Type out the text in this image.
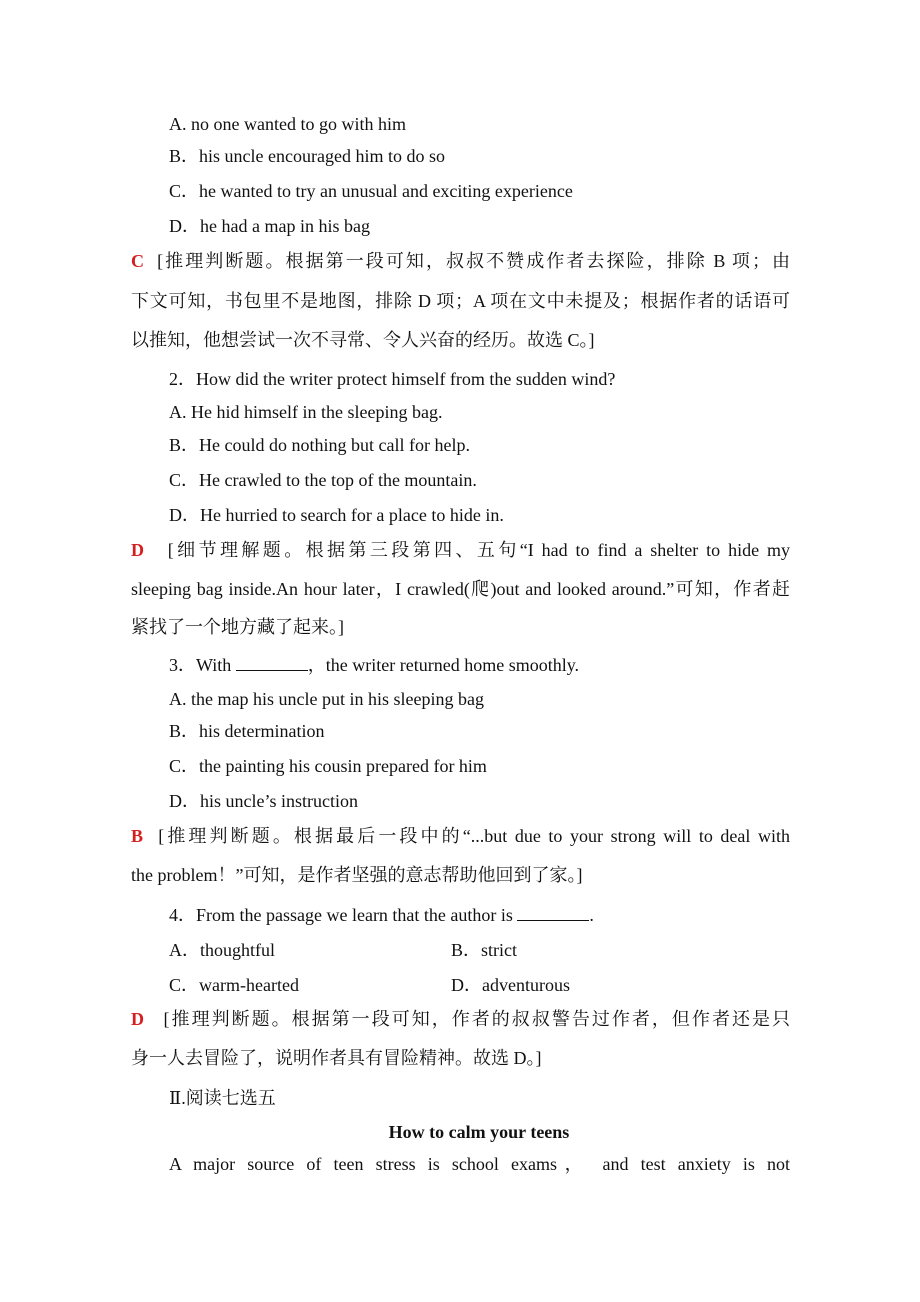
A. no one wanted to go with him
B．his uncle encouraged him to do so
C．he wanted to try an unusual and exciting experience
D．he had a map in his bag
C [推理判断题。根据第一段可知，叔叔不赞成作者去探险，排除 B 项；由
下文可知，书包里不是地图，排除 D 项；A 项在文中未提及；根据作者的话语可
以推知，他想尝试一次不寻常、令人兴奋的经历。故选 C。]
2．How did the writer protect himself from the sudden wind?
A. He hid himself in the sleeping bag.
B．He could do nothing but call for help.
C．He crawled to the top of the mountain.
D．He hurried to search for a place to hide in.
D [细节理解题。根据第三段第四、五句“I had to find a shelter to hide my
sleeping bag inside.An hour later，I crawled(爬)out and looked around.”可知，作者赶
紧找了一个地方藏了起来。]
3．With	，the writer returned home smoothly.
A. the map his uncle put in his sleeping bag
B．his determination
C．the painting his cousin prepared for him
D．his uncle’s instruction
B [推理判断题。根据最后一段中的“...but due to your strong will to deal with
the problem！”可知，是作者坚强的意志帮助他回到了家。]
4．From the passage we learn that the author is	.
A．thoughtful	B．strict
C．warm-hearted	D．adventurous
D [推理判断题。根据第一段可知，作者的叔叔警告过作者，但作者还是只
身一人去冒险了，说明作者具有冒险精神。故选 D。]
Ⅱ.阅读七选五
How to calm your teens
A major source of teen stress is school exams， and test anxiety is not
